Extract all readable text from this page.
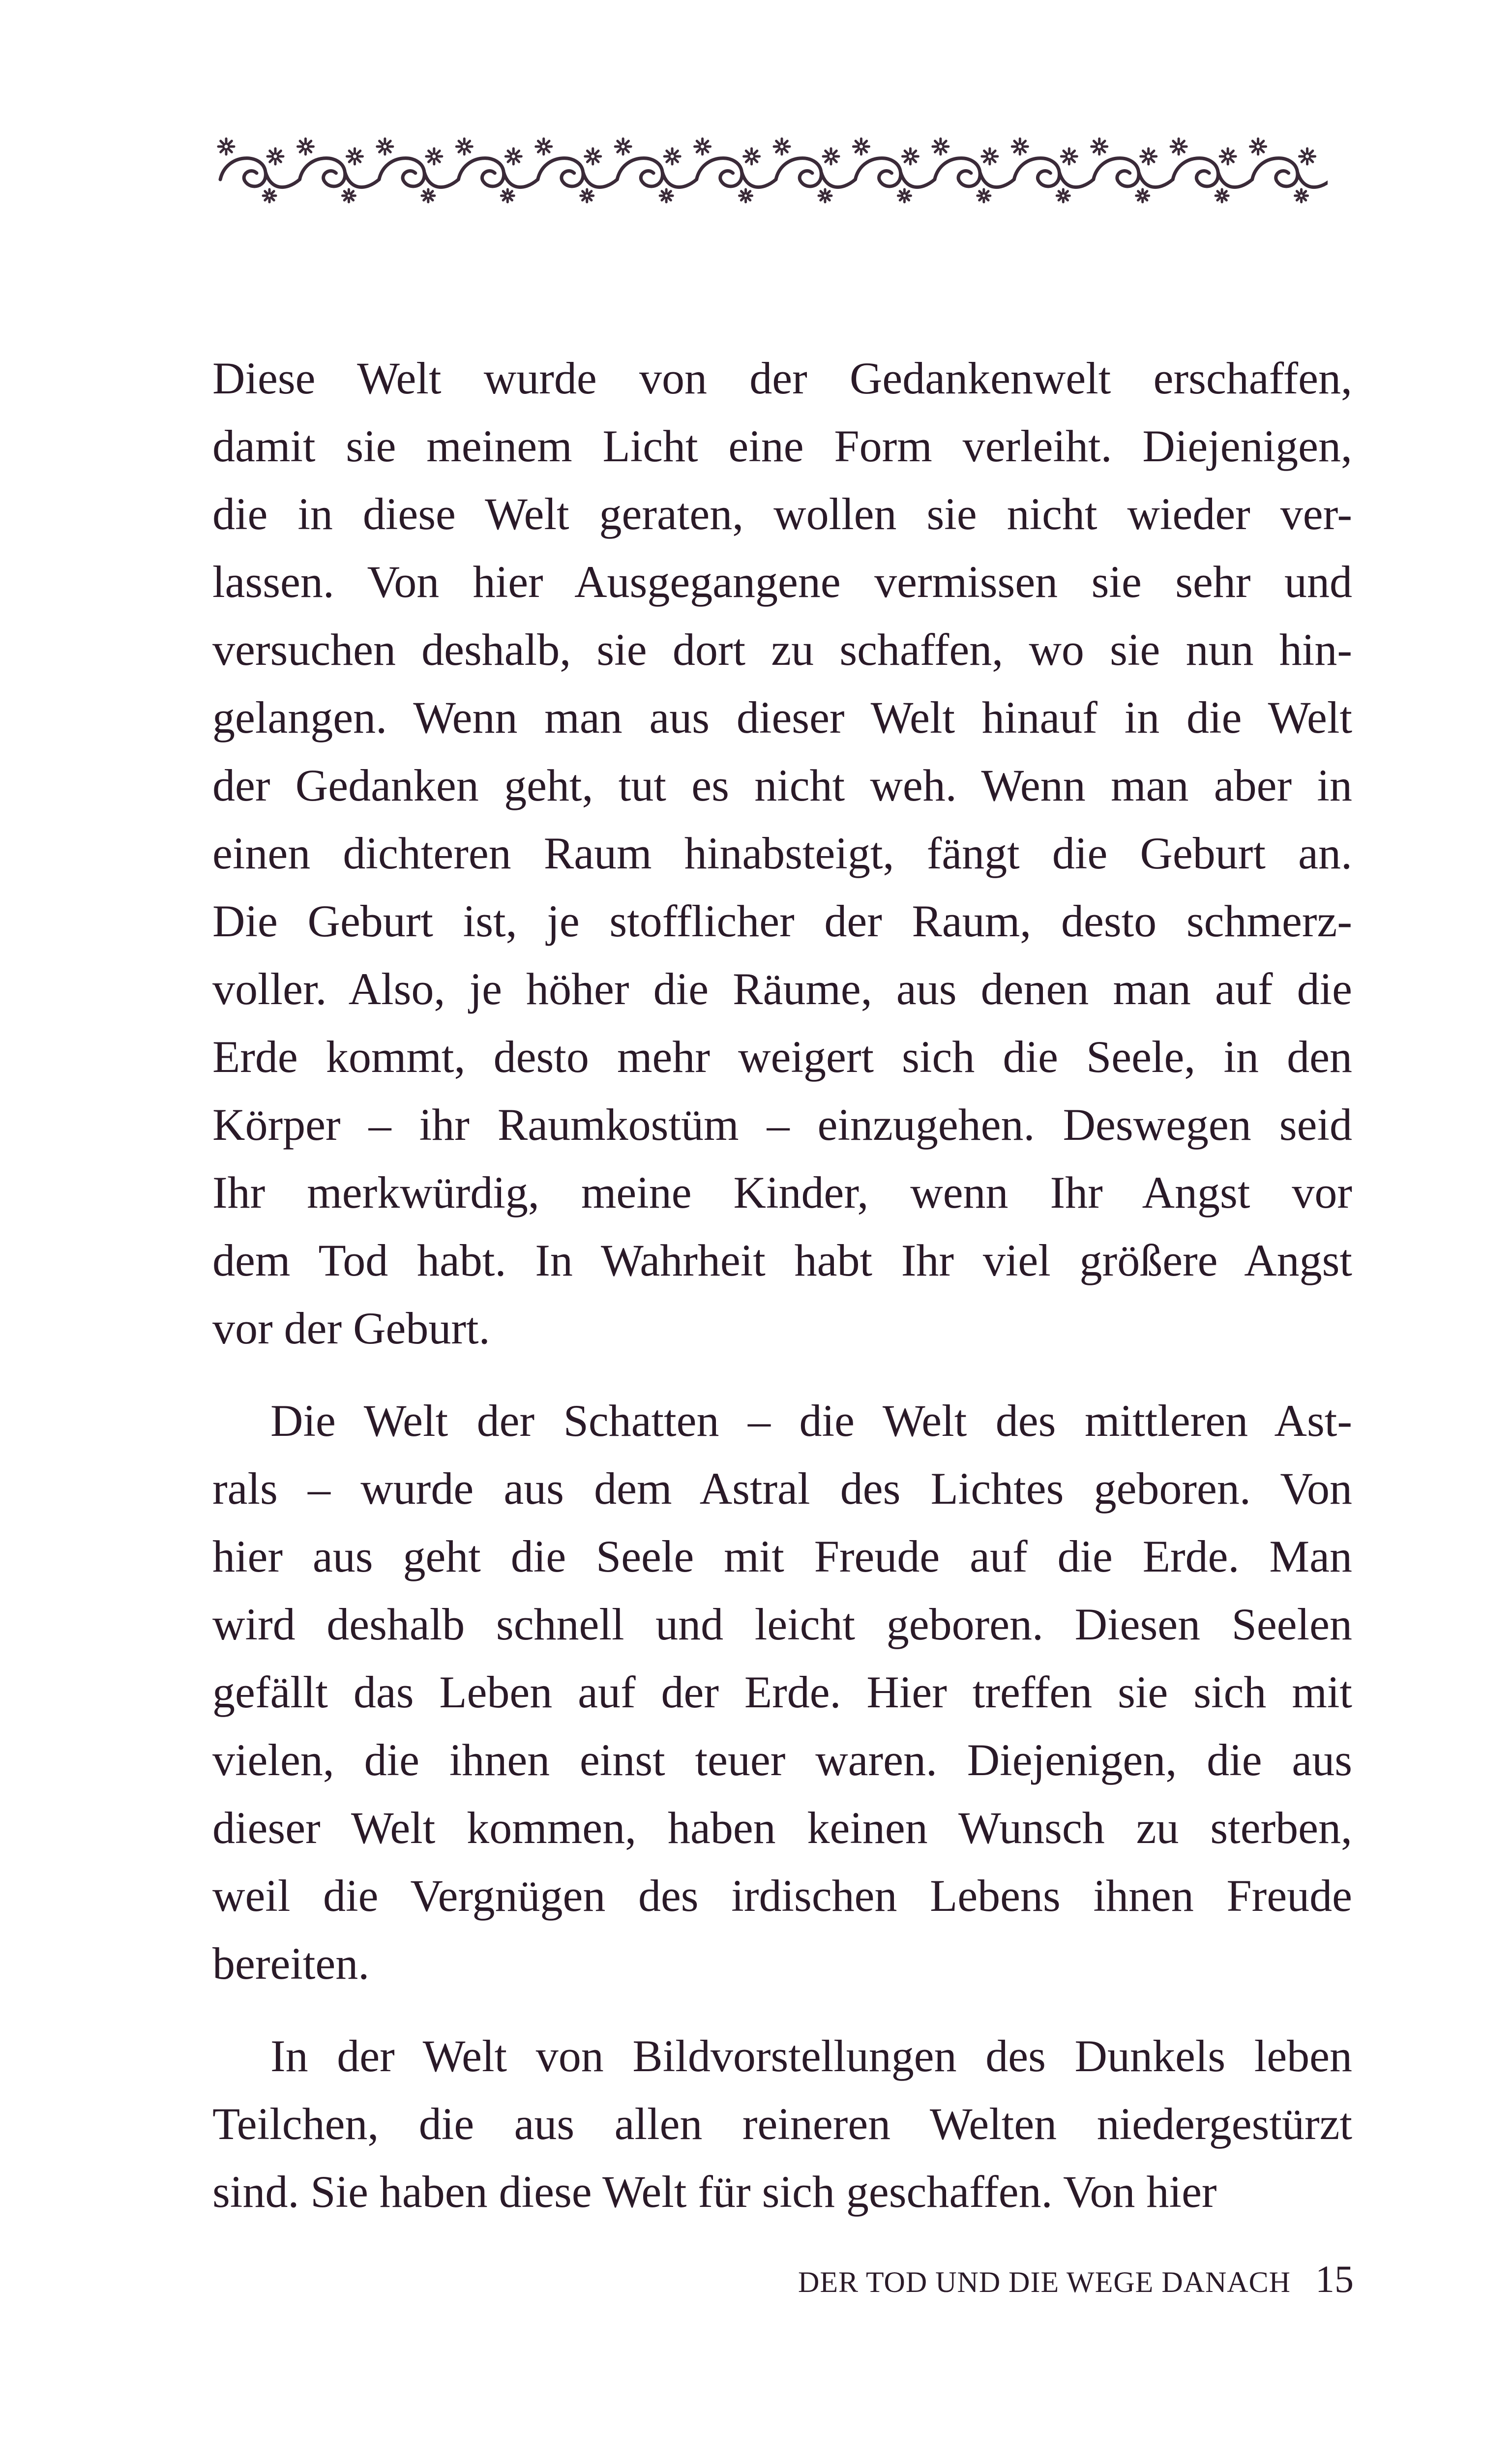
Diese Welt wurde von der Gedankenwelt erschaffen,
damit sie meinem Licht eine Form verleiht. Diejenigen,
die in diese Welt geraten, wollen sie nicht wieder ver-
lassen. Von hier Ausgegangene vermissen sie sehr und
versuchen deshalb, sie dort zu schaffen, wo sie nun hin-
gelangen. Wenn man aus dieser Welt hinauf in die Welt
der Gedanken geht, tut es nicht weh. Wenn man aber in
einen dichteren Raum hinabsteigt, fängt die Geburt an.
Die Geburt ist, je stofflicher der Raum, desto schmerz-
voller. Also, je höher die Räume, aus denen man auf die
Erde kommt, desto mehr weigert sich die Seele, in den
Körper – ihr Raumkostüm – einzugehen. Deswegen seid
Ihr merkwürdig, meine Kinder, wenn Ihr Angst vor
dem Tod habt. In Wahrheit habt Ihr viel größere Angst
vor der Geburt.

Die Welt der Schatten – die Welt des mittleren Ast-
rals – wurde aus dem Astral des Lichtes geboren. Von
hier aus geht die Seele mit Freude auf die Erde. Man
wird deshalb schnell und leicht geboren. Diesen Seelen
gefällt das Leben auf der Erde. Hier treffen sie sich mit
vielen, die ihnen einst teuer waren. Diejenigen, die aus
dieser Welt kommen, haben keinen Wunsch zu sterben,
weil die Vergnügen des irdischen Lebens ihnen Freude
bereiten.

In der Welt von Bildvorstellungen des Dunkels leben
Teilchen, die aus allen reineren Welten niedergestürzt
sind. Sie haben diese Welt für sich geschaffen. Von hier

DER TOD UND DIE WEGE DANACH 15
